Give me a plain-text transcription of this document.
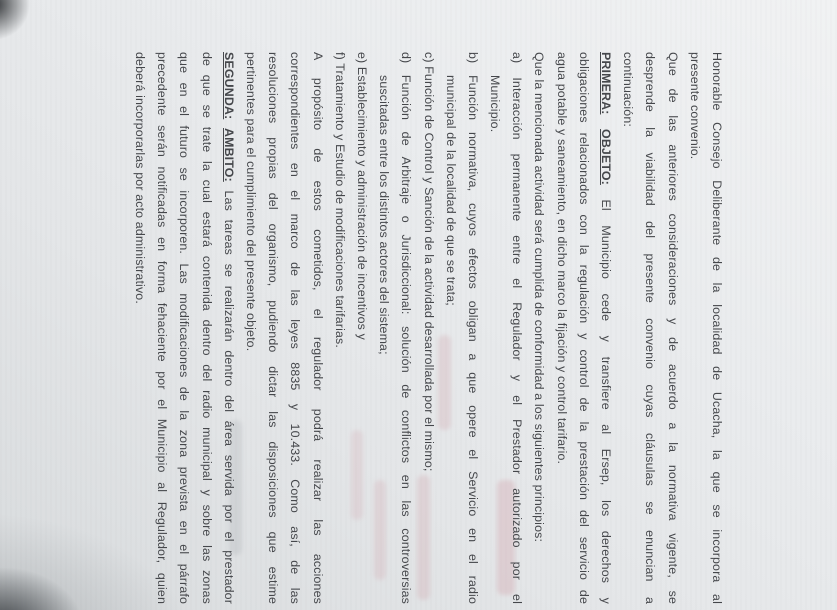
Honorable Consejo Deliberante de la localidad de Ucacha, la que se incorpora al
presente convenio.
Que de las anteriores consideraciones y de acuerdo a la normativa vigente, se
desprende la viabilidad del presente convenio cuyas cláusulas se enuncian a
continuación:
PRIMERA: OBJETO: El Municipio cede y transfiere al Ersep, los derechos y
obligaciones relacionados con la regulación y control de la prestación del servicio de
agua potable y saneamiento, en dicho marco la fijación y control tarifario.
Que la mencionada actividad será cumplida de conformidad a los siguientes principios:
a) Interacción permanente entre el Regulador y el Prestador autorizado por el
Municipio.
b) Función normativa, cuyos efectos obligan a que opere el Servicio en el radio
municipal de la localidad de que se trata;
c) Función de Control y Sanción de la actividad desarrollada por el mismo;
d) Función de Arbitraje o Jurisdiccional: solución de conflictos en las controversias
suscitadas entre los distintos actores del sistema;
e) Establecimiento y administración de incentivos y
f) Tratamiento y Estudio de modificaciones tarifarias.
A propósito de estos cometidos, el regulador podrá realizar las acciones
correspondientes en el marco de las leyes 8835 y 10.433. Como así, de las
resoluciones propias del organismo, pudiendo dictar las disposiciones que estime
pertinentes para el cumplimiento del presente objeto.
SEGUNDA: AMBITO: Las tareas se realizarán dentro del área servida por el prestador
de que se trate la cual estará contenida dentro del radio municipal y sobre las zonas
que en el futuro se incorporen. Las modificaciones de la zona prevista en el párrafo
precedente serán notificadas en forma fehaciente por el Municipio al Regulador, quien
deberá incorporarlas por acto administrativo.
